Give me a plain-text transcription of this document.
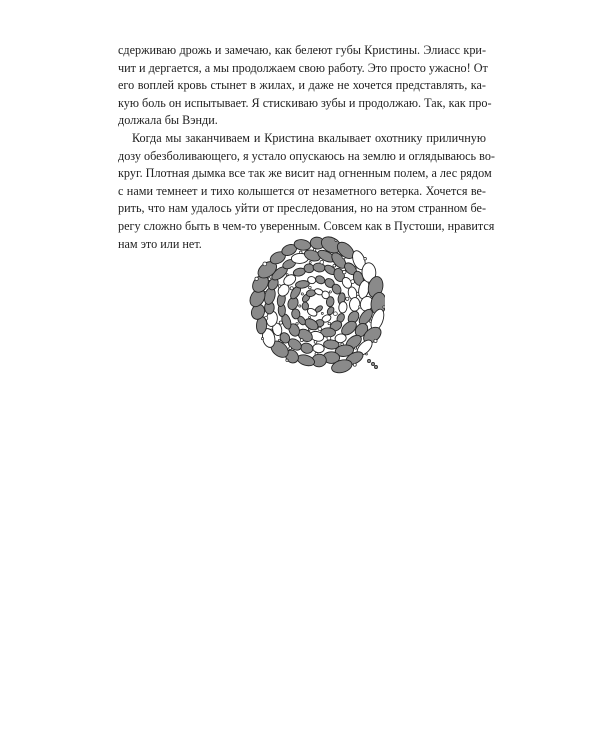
сдерживаю дрожь и замечаю, как белеют губы Кристины. Элиасс кри-
чит и дергается, а мы продолжаем свою работу. Это просто ужасно! От
его воплей кровь стынет в жилах, и даже не хочется представлять, ка-
кую боль он испытывает. Я стискиваю зубы и продолжаю. Так, как про-
должала бы Вэнди.
Когда мы заканчиваем и Кристина вкалывает охотнику приличную
дозу обезболивающего, я устало опускаюсь на землю и оглядываюсь во-
круг. Плотная дымка все так же висит над огненным полем, а лес рядом
с нами темнеет и тихо колышется от незаметного ветерка. Хочется ве-
рить, что нам удалось уйти от преследования, но на этом странном бе-
регу сложно быть в чем-то уверенным. Совсем как в Пустоши, нравится
нам это или нет.
